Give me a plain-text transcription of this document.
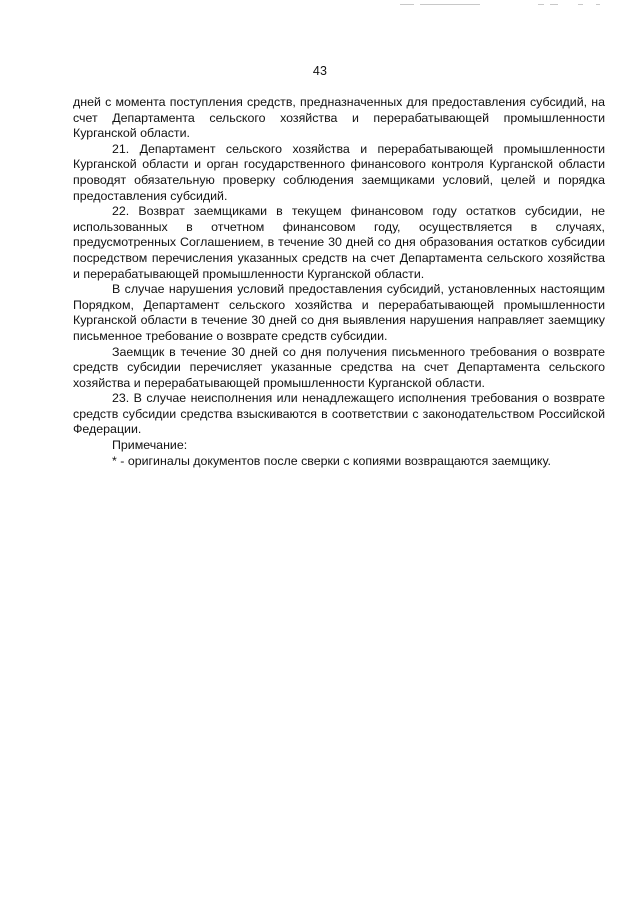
43

дней с момента поступления средств, предназначенных для предоставления субсидий, на счет Департамента сельского хозяйства и перерабатывающей промышленности Курганской области.

21. Департамент сельского хозяйства и перерабатывающей промышленности Курганской области и орган государственного финансового контроля Курганской области проводят обязательную проверку соблюдения заемщиками условий, целей и порядка предоставления субсидий.

22. Возврат заемщиками в текущем финансовом году остатков субсидии, не использованных в отчетном финансовом году, осуществляется в случаях, предусмотренных Соглашением, в течение 30 дней со дня образования остатков субсидии посредством перечисления указанных средств на счет Департамента сельского хозяйства и перерабатывающей промышленности Курганской области.

В случае нарушения условий предоставления субсидий, установленных настоящим Порядком, Департамент сельского хозяйства и перерабатывающей промышленности Курганской области в течение 30 дней со дня выявления нарушения направляет заемщику письменное требование о возврате средств субсидии.

Заемщик в течение 30 дней со дня получения письменного требования о возврате средств субсидии перечисляет указанные средства на счет Департамента сельского хозяйства и перерабатывающей промышленности Курганской области.

23. В случае неисполнения или ненадлежащего исполнения требования о возврате средств субсидии средства взыскиваются в соответствии с законодательством Российской Федерации.

Примечание:

* - оригиналы документов после сверки с копиями возвращаются заемщику.
